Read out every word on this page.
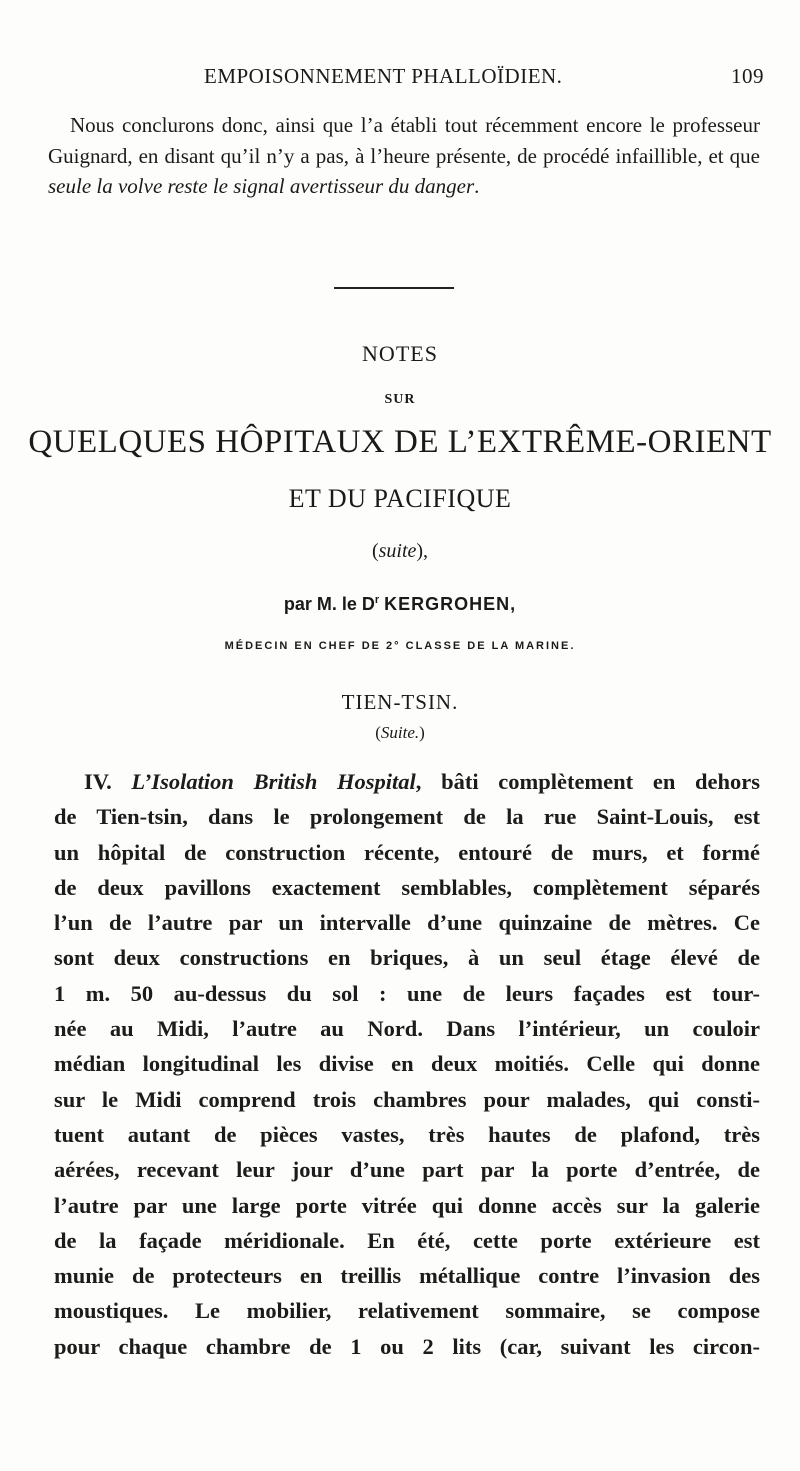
EMPOISONNEMENT PHALLOÏDIEN.	109
Nous conclurons donc, ainsi que l’a établi tout récemment encore le professeur Guignard, en disant qu’il n’y a pas, à l’heure présente, de procédé infaillible, et que seule la volve reste le signal avertisseur du danger.
NOTES
SUR
QUELQUES HÔPITAUX DE L’EXTRÊME-ORIENT
ET DU PACIFIQUE
(suite),
par M. le $D^r$ KERGROHEN,
MÉDECIN EN CHEF DE 2° CLASSE DE LA MARINE.
TIEN-TSIN.
(Suite.)
IV. L’Isolation British Hospital, bâti complètement en dehors
de Tien-tsin, dans le prolongement de la rue Saint-Louis, est
un hôpital de construction récente, entouré de murs, et formé
de deux pavillons exactement semblables, complètement séparés
l’un de l’autre par un intervalle d’une quinzaine de mètres. Ce
sont deux constructions en briques, à un seul étage élevé de
1 m. 50 au-dessus du sol : une de leurs façades est tour-
née au Midi, l’autre au Nord. Dans l’intérieur, un couloir
médian longitudinal les divise en deux moitiés. Celle qui donne
sur le Midi comprend trois chambres pour malades, qui consti-
tuent autant de pièces vastes, très hautes de plafond, très
aérées, recevant leur jour d’une part par la porte d’entrée, de
l’autre par une large porte vitrée qui donne accès sur la galerie
de la façade méridionale. En été, cette porte extérieure est
munie de protecteurs en treillis métallique contre l’invasion des
moustiques. Le mobilier, relativement sommaire, se compose
pour chaque chambre de 1 ou 2 lits (car, suivant les circon-
